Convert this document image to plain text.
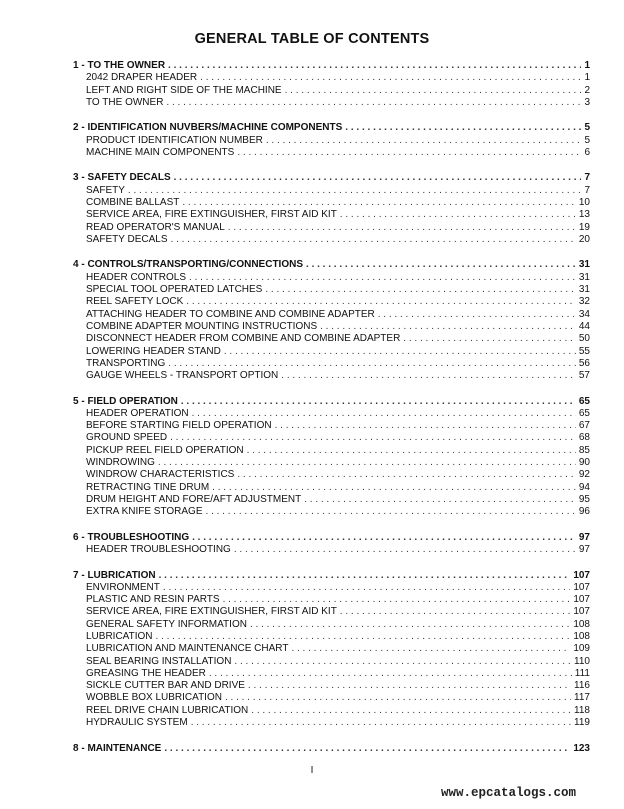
GENERAL TABLE OF CONTENTS
1 - TO THE OWNER . . .	1
2042 DRAPER HEADER . . .	1
LEFT AND RIGHT SIDE OF THE MACHINE . . .	2
TO THE OWNER . . .	3
2 - IDENTIFICATION NUVBERS/MACHINE COMPONENTS . . .	5
PRODUCT IDENTIFICATION NUMBER . . .	5
MACHINE MAIN COMPONENTS . . .	6
3 - SAFETY DECALS . . .	7
SAFETY . . .	7
COMBINE BALLAST . . .	10
SERVICE AREA, FIRE EXTINGUISHER, FIRST AID KIT . . .	13
READ OPERATOR'S MANUAL . . .	19
SAFETY DECALS . . .	20
4 - CONTROLS/TRANSPORTING/CONNECTIONS . . .	31
HEADER CONTROLS . . .	31
SPECIAL TOOL OPERATED LATCHES . . .	31
REEL SAFETY LOCK . . .	32
ATTACHING HEADER TO COMBINE AND COMBINE ADAPTER . . .	34
COMBINE ADAPTER MOUNTING INSTRUCTIONS . . .	44
DISCONNECT HEADER FROM COMBINE AND COMBINE ADAPTER . . .	50
LOWERING HEADER STAND . . .	55
TRANSPORTING . . .	56
GAUGE WHEELS - TRANSPORT OPTION . . .	57
5 - FIELD OPERATION . . .	65
HEADER OPERATION . . .	65
BEFORE STARTING FIELD OPERATION . . .	67
GROUND SPEED . . .	68
PICKUP REEL FIELD OPERATION . . .	85
WINDROWING . . .	90
WINDROW CHARACTERISTICS . . .	92
RETRACTING TINE DRUM . . .	94
DRUM HEIGHT AND FORE/AFT ADJUSTMENT . . .	95
EXTRA KNIFE STORAGE . . .	96
6 - TROUBLESHOOTING . . .	97
HEADER TROUBLESHOOTING . . .	97
7 - LUBRICATION . . .	107
ENVIRONMENT . . .	107
PLASTIC AND RESIN PARTS . . .	107
SERVICE AREA, FIRE EXTINGUISHER, FIRST AID KIT . . .	107
GENERAL SAFETY INFORMATION . . .	108
LUBRICATION . . .	108
LUBRICATION AND MAINTENANCE CHART . . .	109
SEAL BEARING INSTALLATION . . .	110
GREASING THE HEADER . . .	111
SICKLE CUTTER BAR AND DRIVE . . .	116
WOBBLE BOX LUBRICATION . . .	117
REEL DRIVE CHAIN LUBRICATION . . .	118
HYDRAULIC SYSTEM . . .	119
8 - MAINTENANCE . . .	123
I
www.epcatalogs.com
